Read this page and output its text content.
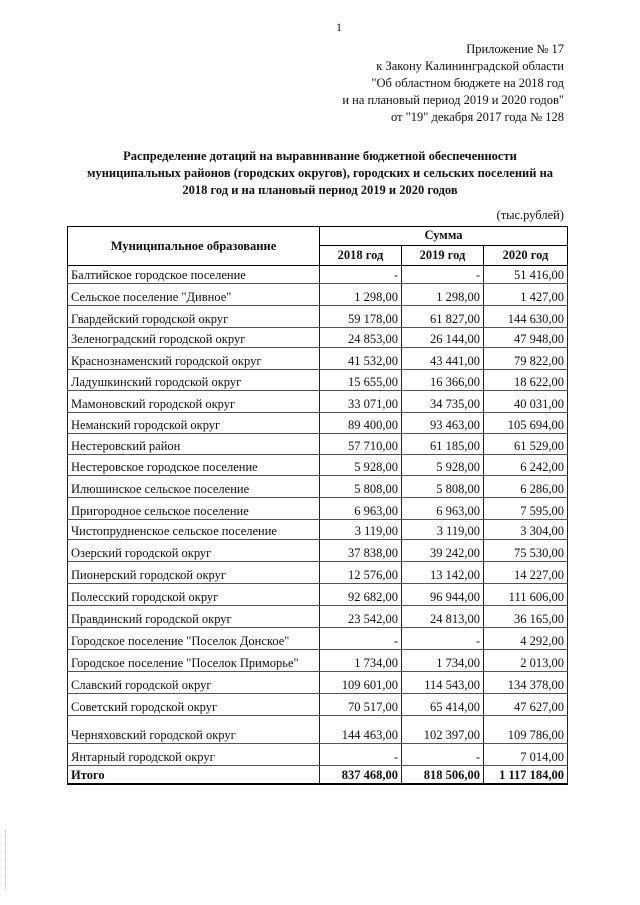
1
Приложение № 17
к Закону Калининградской области
"Об областном бюджете на 2018 год
и на плановый период 2019 и 2020 годов"
от "19" декабря 2017 года № 128
Распределение дотаций на выравнивание бюджетной обеспеченности
муниципальных районов (городских округов), городских и сельских поселений на
2018 год и на плановый период 2019 и 2020 годов
(тыс.рублей)
Муниципальное образование	Сумма		
	2018 год	2019 год	2020 год
Балтийское городское поселение	-	-	51 416,00
Сельское поселение "Дивное"	1 298,00	1 298,00	1 427,00
Гвардейский городской округ	59 178,00	61 827,00	144 630,00
Зеленоградский городской округ	24 853,00	26 144,00	47 948,00
Краснознаменский городской округ	41 532,00	43 441,00	79 822,00
Ладушкинский городской округ	15 655,00	16 366,00	18 622,00
Мамоновский городской округ	33 071,00	34 735,00	40 031,00
Неманский городской округ	89 400,00	93 463,00	105 694,00
Нестеровский район	57 710,00	61 185,00	61 529,00
Нестеровское городское поселение	5 928,00	5 928,00	6 242,00
Илюшинское сельское поселение	5 808,00	5 808,00	6 286,00
Пригородное сельское поселение	6 963,00	6 963,00	7 595,00
Чистопрудненское сельское поселение	3 119,00	3 119,00	3 304,00
Озерский городской округ	37 838,00	39 242,00	75 530,00
Пионерский городской округ	12 576,00	13 142,00	14 227,00
Полесский городской округ	92 682,00	96 944,00	111 606,00
Правдинский городской округ	23 542,00	24 813,00	36 165,00
Городское поселение "Поселок Донское"	-	-	4 292,00
Городское поселение "Поселок Приморье"	1 734,00	1 734,00	2 013,00
Славский городской округ	109 601,00	114 543,00	134 378,00
Советский городской округ	70 517,00	65 414,00	47 627,00
Черняховский городской округ	144 463,00	102 397,00	109 786,00
Янтарный городской округ	-	-	7 014,00
Итого	837 468,00	818 506,00	1 117 184,00
